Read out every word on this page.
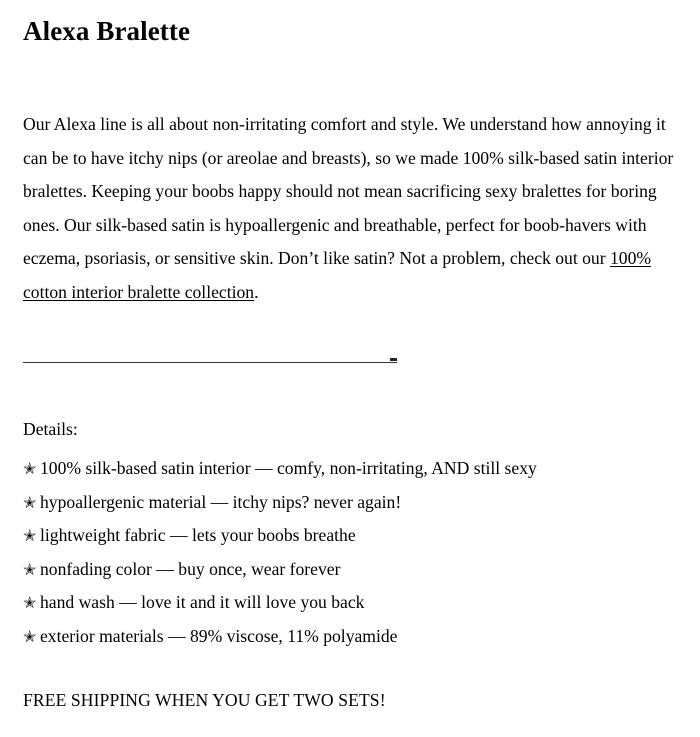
Alexa Bralette

Our Alexa line is all about non-irritating comfort and style. We understand how annoying it can be to have itchy nips (or areolae and breasts), so we made 100% silk-based satin interior bralettes. Keeping your boobs happy should not mean sacrificing sexy bralettes for boring ones. Our silk-based satin is hypoallergenic and breathable, perfect for boob-havers with eczema, psoriasis, or sensitive skin. Don’t like satin? Not a problem, check out our 100% cotton interior bralette collection.

Details:

✭ 100% silk-based satin interior — comfy, non-irritating, AND still sexy
✭ hypoallergenic material — itchy nips? never again!
✭ lightweight fabric — lets your boobs breathe
✭ nonfading color — buy once, wear forever
✭ hand wash — love it and it will love you back
✭ exterior materials — 89% viscose, 11% polyamide

FREE SHIPPING WHEN YOU GET TWO SETS!
